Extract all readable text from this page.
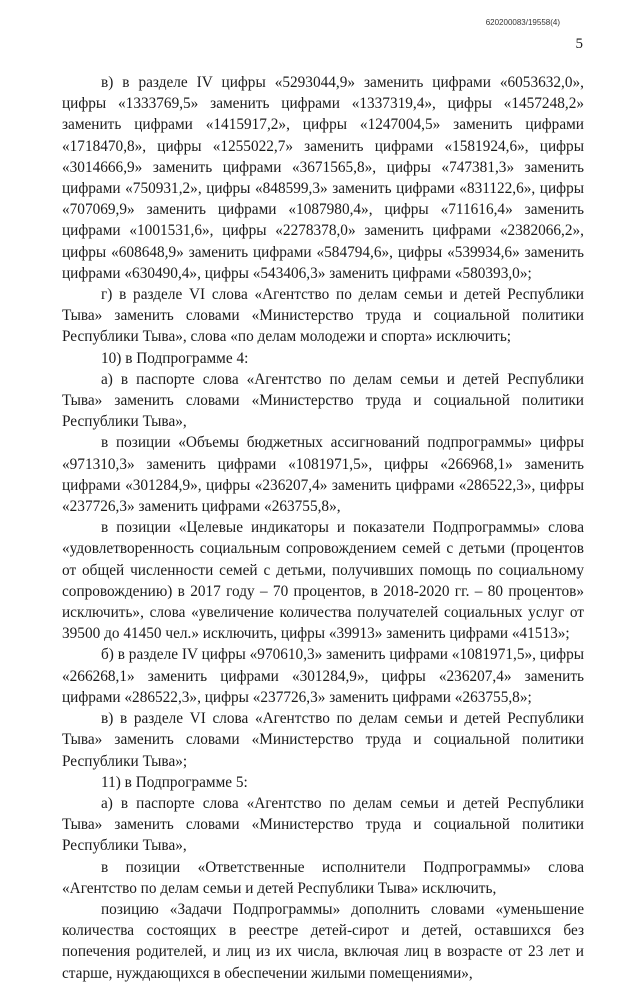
620200083/19558(4)
5

в) в разделе IV цифры «5293044,9» заменить цифрами «6053632,0», цифры «1333769,5» заменить цифрами «1337319,4», цифры «1457248,2» заменить цифрами «1415917,2», цифры «1247004,5» заменить цифрами «1718470,8», цифры «1255022,7» заменить цифрами «1581924,6», цифры «3014666,9» заменить цифрами «3671565,8», цифры «747381,3» заменить цифрами «750931,2», цифры «848599,3» заменить цифрами «831122,6», цифры «707069,9» заменить цифрами «1087980,4», цифры «711616,4» заменить цифрами «1001531,6», цифры «2278378,0» заменить цифрами «2382066,2», цифры «608648,9» заменить цифрами «584794,6», цифры «539934,6» заменить цифрами «630490,4», цифры «543406,3» заменить цифрами «580393,0»;

г) в разделе VI слова «Агентство по делам семьи и детей Республики Тыва» заменить словами «Министерство труда и социальной политики Республики Тыва», слова «по делам молодежи и спорта» исключить;

10) в Подпрограмме 4:

а) в паспорте слова «Агентство по делам семьи и детей Республики Тыва» заменить словами «Министерство труда и социальной политики Республики Тыва»,

в позиции «Объемы бюджетных ассигнований подпрограммы» цифры «971310,3» заменить цифрами «1081971,5», цифры «266968,1» заменить цифрами «301284,9», цифры «236207,4» заменить цифрами «286522,3», цифры «237726,3» заменить цифрами «263755,8»,

в позиции «Целевые индикаторы и показатели Подпрограммы» слова «удовлетворенность социальным сопровождением семей с детьми (процентов от общей численности семей с детьми, получивших помощь по социальному сопровождению) в 2017 году – 70 процентов, в 2018-2020 гг. – 80 процентов» исключить», слова «увеличение количества получателей социальных услуг от 39500 до 41450 чел.» исключить, цифры «39913» заменить цифрами «41513»;

б) в разделе IV цифры «970610,3» заменить цифрами «1081971,5», цифры «266268,1» заменить цифрами «301284,9», цифры «236207,4» заменить цифрами «286522,3», цифры «237726,3» заменить цифрами «263755,8»;

в) в разделе VI слова «Агентство по делам семьи и детей Республики Тыва» заменить словами «Министерство труда и социальной политики Республики Тыва»;

11) в Подпрограмме 5:

а) в паспорте слова «Агентство по делам семьи и детей Республики Тыва» заменить словами «Министерство труда и социальной политики Республики Тыва»,

в позиции «Ответственные исполнители Подпрограммы» слова «Агентство по делам семьи и детей Республики Тыва» исключить,

позицию «Задачи Подпрограммы» дополнить словами «уменьшение количества состоящих в реестре детей-сирот и детей, оставшихся без попечения родителей, и лиц из их числа, включая лиц в возрасте от 23 лет и старше, нуждающихся в обеспечении жилыми помещениями»,
